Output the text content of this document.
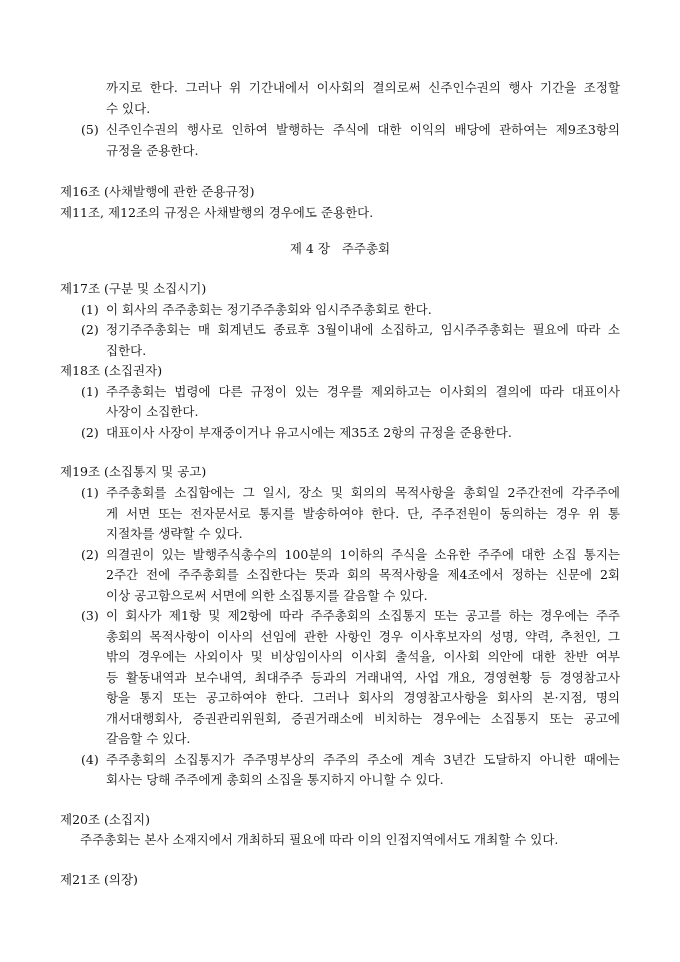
까지로 한다. 그러나 위 기간내에서 이사회의 결의로써 신주인수권의 행사 기간을 조정할
수 있다.
(5) 신주인수권의 행사로 인하여 발행하는 주식에 대한 이익의 배당에 관하여는 제9조3항의
규정을 준용한다.
제16조 (사채발행에 관한 준용규정)
제11조, 제12조의 규정은 사채발행의 경우에도 준용한다.
제 4 장   주주총회
제17조 (구분 및 소집시기)
(1) 이 회사의 주주총회는 정기주주총회와 임시주주총회로 한다.
(2) 정기주주총회는 매 회계년도 종료후 3월이내에 소집하고, 임시주주총회는 필요에 따라 소
집한다.
제18조 (소집권자)
(1) 주주총회는 법령에 다른 규정이 있는 경우를 제외하고는 이사회의 결의에 따라 대표이사
사장이 소집한다.
(2) 대표이사 사장이 부재중이거나 유고시에는 제35조 2항의 규정을 준용한다.
제19조 (소집통지 및 공고)
(1) 주주총회를 소집함에는 그 일시, 장소 및 회의의 목적사항을 총회일 2주간전에 각주주에
게 서면 또는 전자문서로 통지를 발송하여야 한다. 단, 주주전원이 동의하는 경우 위 통
지절차를 생략할 수 있다.
(2) 의결권이 있는 발행주식총수의 100분의 1이하의 주식을 소유한 주주에 대한 소집 통지는
2주간 전에 주주총회를 소집한다는 뜻과 회의 목적사항을 제4조에서 정하는 신문에 2회
이상 공고함으로써 서면에 의한 소집통지를 갈음할 수 있다.
(3) 이 회사가 제1항 및 제2항에 따라 주주총회의 소집통지 또는 공고를 하는 경우에는 주주
총회의 목적사항이 이사의 선임에 관한 사항인 경우 이사후보자의 성명, 약력, 추천인, 그
밖의 경우에는 사외이사 및 비상임이사의 이사회 출석율, 이사회 의안에 대한 찬반 여부
등 활동내역과 보수내역, 최대주주 등과의 거래내역, 사업 개요, 경영현황 등 경영참고사
항을 통지 또는 공고하여야 한다. 그러나 회사의 경영참고사항을 회사의 본·지점, 명의
개서대행회사, 증권관리위원회, 증권거래소에 비치하는 경우에는 소집통지 또는 공고에
갈음할 수 있다.
(4) 주주총회의 소집통지가 주주명부상의 주주의 주소에 계속 3년간 도달하지 아니한 때에는
회사는 당해 주주에게 총회의 소집을 통지하지 아니할 수 있다.
제20조 (소집지)
주주총회는 본사 소재지에서 개최하되 필요에 따라 이의 인접지역에서도 개최할 수 있다.
제21조 (의장)
